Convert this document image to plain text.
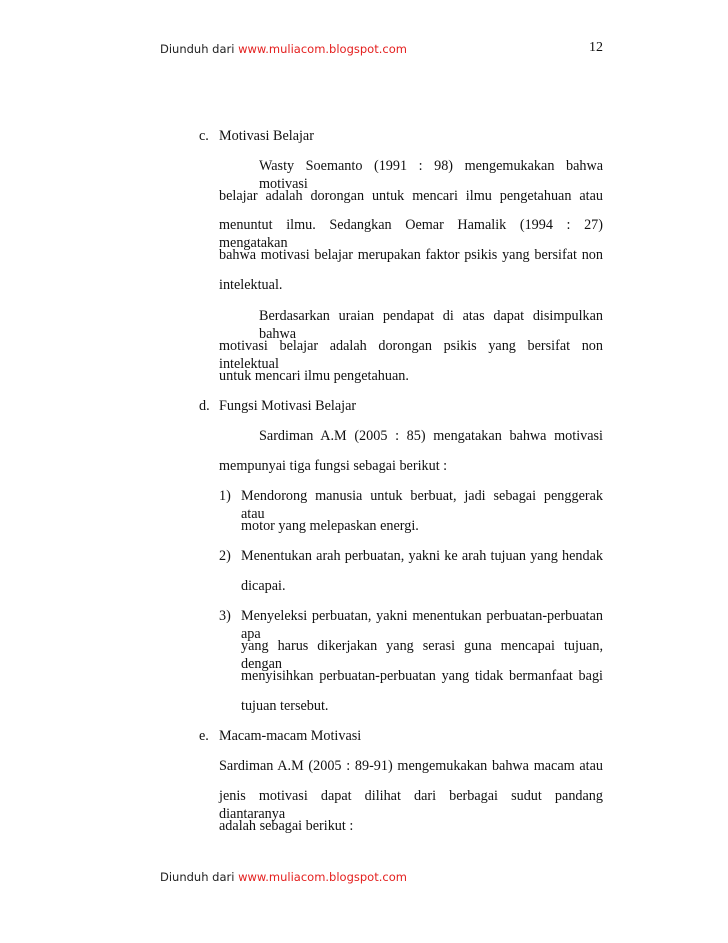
Diunduh dari www.muliacom.blogspot.com	12
c. Motivasi Belajar
Wasty Soemanto (1991 : 98) mengemukakan bahwa motivasi
belajar adalah dorongan untuk mencari ilmu pengetahuan atau
menuntut ilmu. Sedangkan Oemar Hamalik (1994 : 27) mengatakan
bahwa motivasi belajar merupakan faktor psikis yang bersifat non
intelektual.
Berdasarkan uraian pendapat di atas dapat disimpulkan bahwa
motivasi belajar adalah dorongan psikis yang bersifat non intelektual
untuk mencari ilmu pengetahuan.
d. Fungsi Motivasi Belajar
Sardiman A.M (2005 : 85) mengatakan bahwa motivasi
mempunyai tiga fungsi sebagai berikut :
1) Mendorong manusia untuk berbuat, jadi sebagai penggerak atau
motor yang melepaskan energi.
2) Menentukan arah perbuatan, yakni ke arah tujuan yang hendak
dicapai.
3) Menyeleksi perbuatan, yakni menentukan perbuatan-perbuatan apa
yang harus dikerjakan yang serasi guna mencapai tujuan, dengan
menyisihkan perbuatan-perbuatan yang tidak bermanfaat bagi
tujuan tersebut.
e. Macam-macam Motivasi
Sardiman A.M (2005 : 89-91) mengemukakan bahwa macam atau
jenis motivasi dapat dilihat dari berbagai sudut pandang diantaranya
adalah sebagai berikut :
Diunduh dari www.muliacom.blogspot.com
